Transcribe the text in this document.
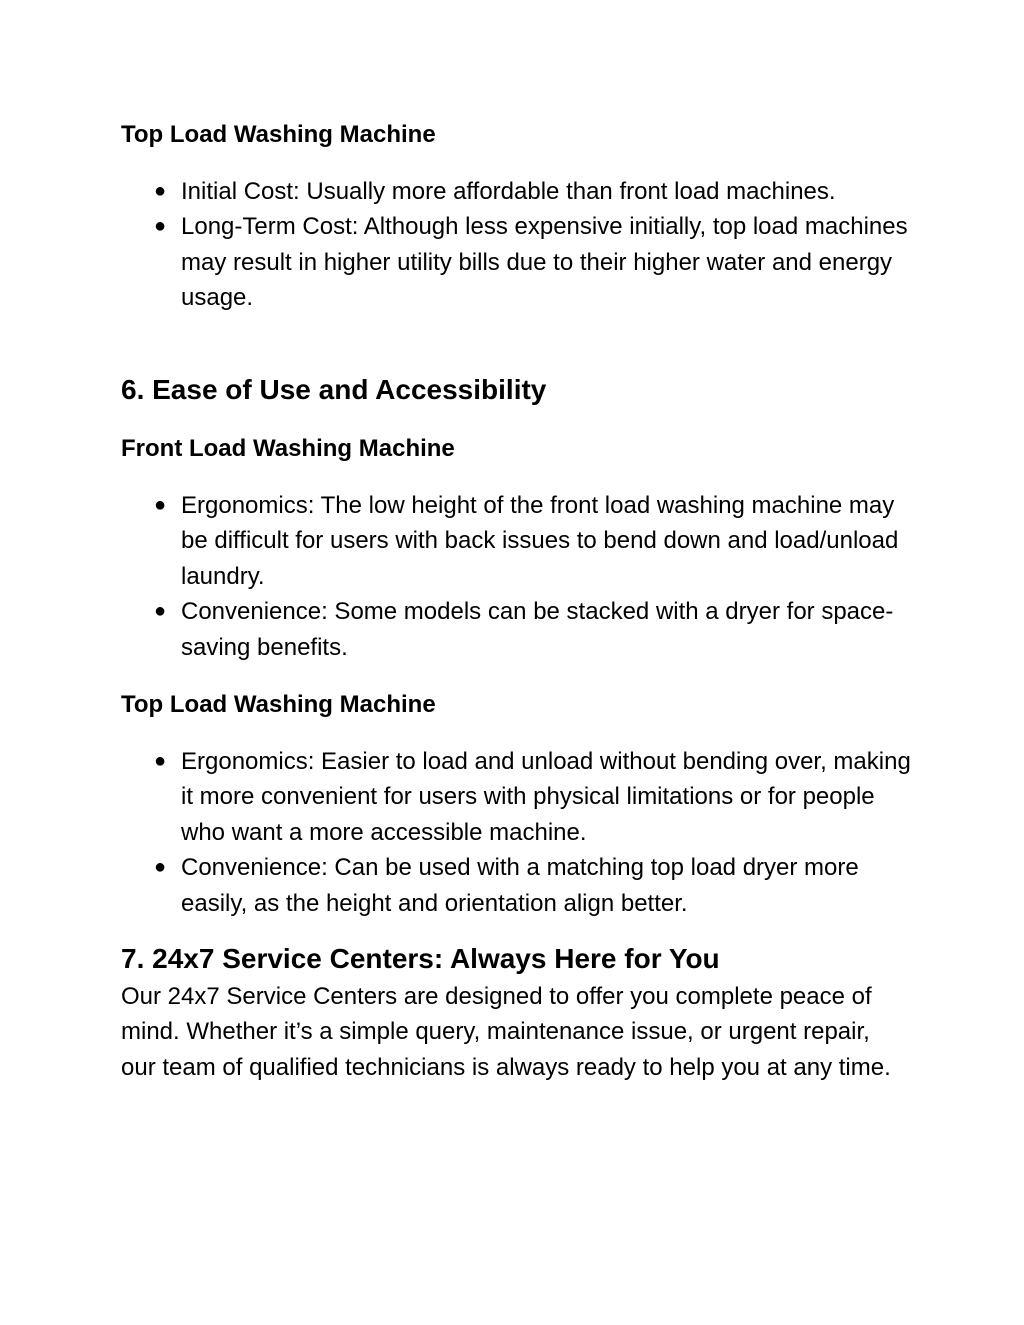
Top Load Washing Machine
● Initial Cost: Usually more affordable than front load machines.
● Long-Term Cost: Although less expensive initially, top load machines may result in higher utility bills due to their higher water and energy usage.
6. Ease of Use and Accessibility
Front Load Washing Machine
● Ergonomics: The low height of the front load washing machine may be difficult for users with back issues to bend down and load/unload laundry.
● Convenience: Some models can be stacked with a dryer for space-saving benefits.
Top Load Washing Machine
● Ergonomics: Easier to load and unload without bending over, making it more convenient for users with physical limitations or for people who want a more accessible machine.
● Convenience: Can be used with a matching top load dryer more easily, as the height and orientation align better.
7. 24x7 Service Centers: Always Here for You

Our 24x7 Service Centers are designed to offer you complete peace of mind. Whether it’s a simple query, maintenance issue, or urgent repair, our team of qualified technicians is always ready to help you at any time.
